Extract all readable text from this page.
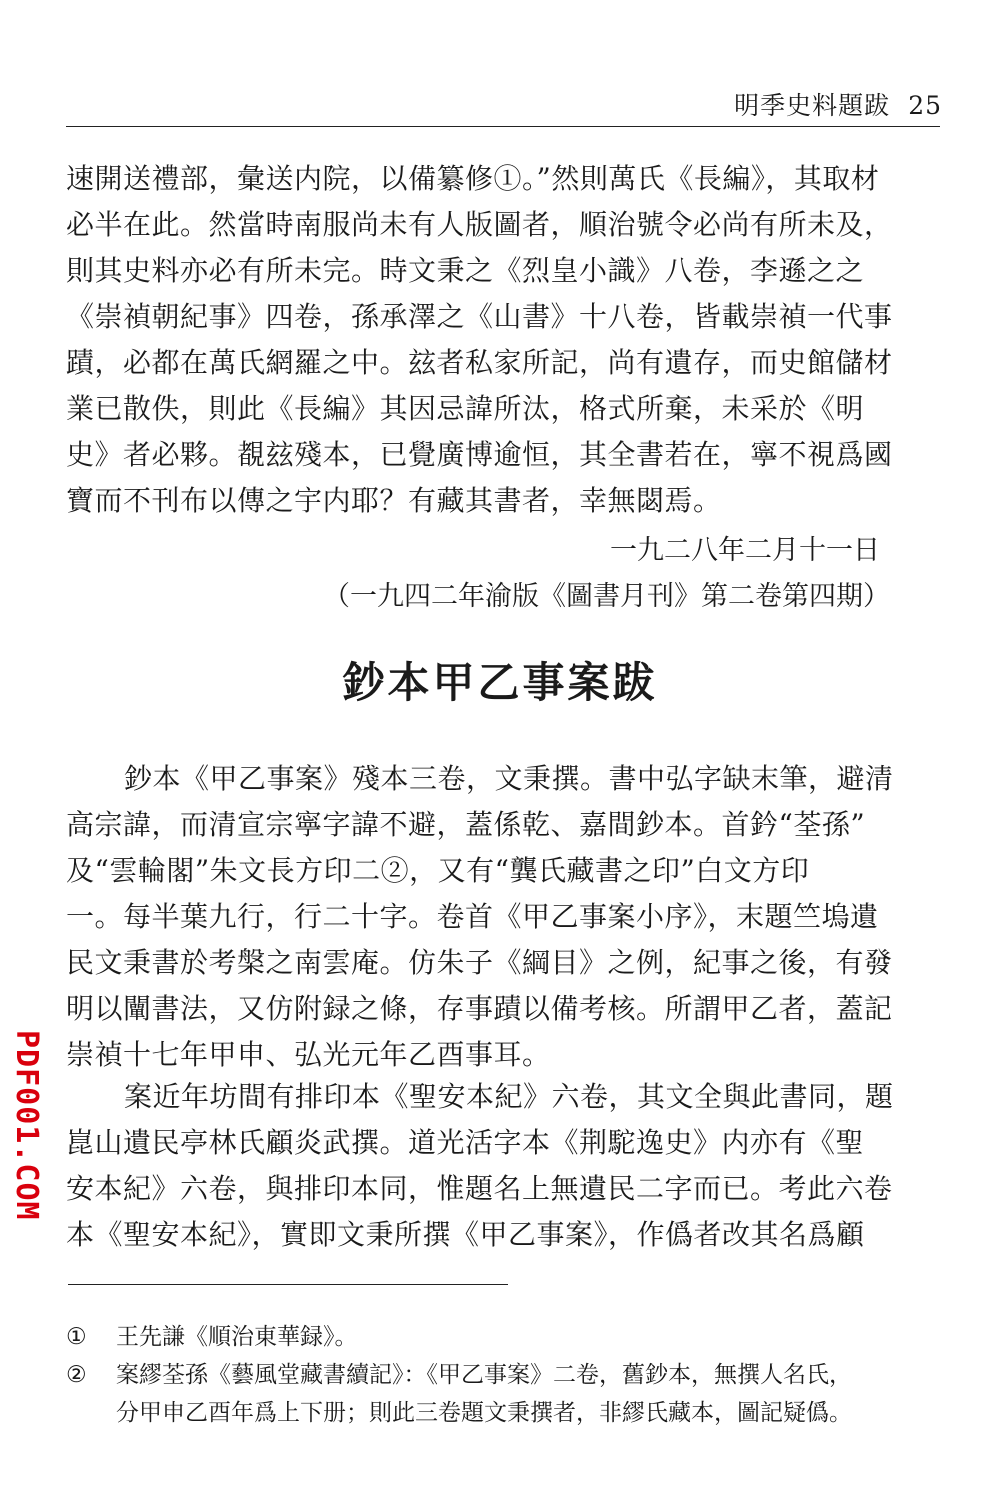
明季史料題跋 25
速開送禮部，彙送内院，以備纂修①。”然則萬氏《長編》，其取材
必半在此。然當時南服尚未有人版圖者，順治號令必尚有所未及，
則其史料亦必有所未完。時文秉之《烈皇小識》八卷，李遜之之
《崇禎朝紀事》四卷，孫承澤之《山書》十八卷，皆載崇禎一代事
蹟，必都在萬氏網羅之中。玆者私家所記，尚有遺存，而史館儲材
業已散佚，則此《長編》其因忌諱所汰，格式所棄，未采於《明
史》者必夥。覩玆殘本，已覺廣博逾恒，其全書若在，寧不視爲國
寶而不刊布以傳之宇内耶？有藏其書者，幸無閟焉。
一九二八年二月十一日
（一九四二年渝版《圖書月刊》第二卷第四期）
鈔本甲乙事案跋
鈔本《甲乙事案》殘本三卷，文秉撰。書中弘字缺末筆，避清
高宗諱，而清宣宗寧字諱不避，蓋係乾、嘉間鈔本。首鈐“荃孫”
及“雲輪閣”朱文長方印二②，又有“龔氏藏書之印”白文方印
一。每半葉九行，行二十字。卷首《甲乙事案小序》，末題竺塢遺
民文秉書於考槃之南雲庵。仿朱子《綱目》之例，紀事之後，有發
明以闡書法，又仿附録之條，存事蹟以備考核。所謂甲乙者，蓋記
崇禎十七年甲申、弘光元年乙酉事耳。
案近年坊間有排印本《聖安本紀》六卷，其文全與此書同，題
崑山遺民亭林氏顧炎武撰。道光活字本《荆駝逸史》内亦有《聖
安本紀》六卷，與排印本同，惟題名上無遺民二字而已。考此六卷
本《聖安本紀》，實即文秉所撰《甲乙事案》，作僞者改其名爲顧
① 王先謙《順治東華録》。
② 案繆荃孫《藝風堂藏書續記》：《甲乙事案》二卷，舊鈔本，無撰人名氏，
分甲申乙酉年爲上下册；則此三卷題文秉撰者，非繆氏藏本，圖記疑僞。
PDF001.COM
